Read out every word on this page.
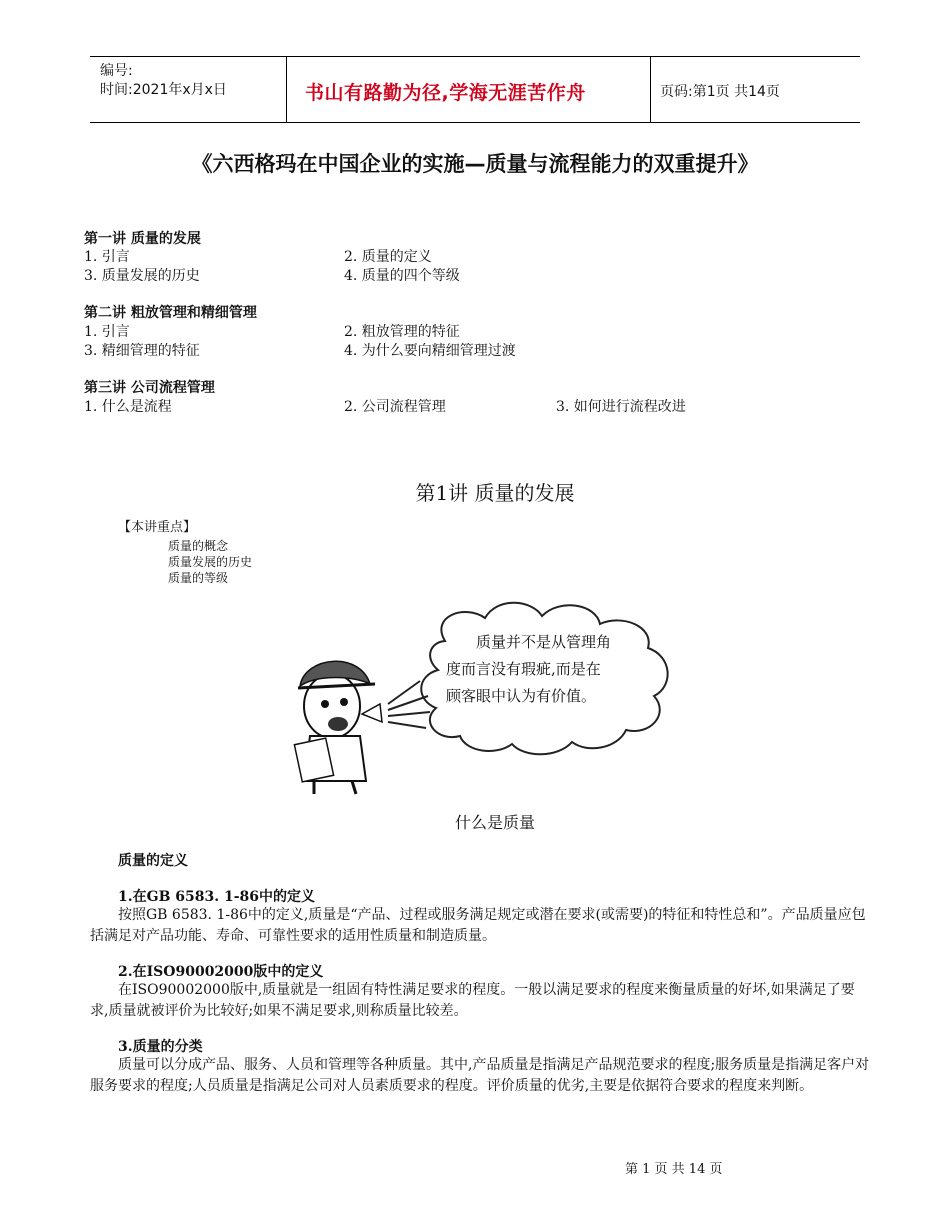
编号:
时间:2021年x月x日	书山有路勤为径,学海无涯苦作舟	页码:第1页 共14页
《六西格玛在中国企业的实施—质量与流程能力的双重提升》
第一讲 质量的发展
1. 引言	2. 质量的定义
3. 质量发展的历史	4. 质量的四个等级
第二讲 粗放管理和精细管理
1. 引言	2. 粗放管理的特征
3. 精细管理的特征	4. 为什么要向精细管理过渡
第三讲 公司流程管理
1. 什么是流程	2. 公司流程管理	3. 如何进行流程改进
第1讲 质量的发展
【本讲重点】
质量的概念
质量发展的历史
质量的等级
质量并不是从管理角
度而言没有瑕疵,而是在
顾客眼中认为有价值。
什么是质量
质量的定义
1.在GB 6583. 1-86中的定义
按照GB 6583. 1-86中的定义,质量是“产品、过程或服务满足规定或潜在要求(或需要)的特征和特性总和”。产品质量应包括满足对产品功能、寿命、可靠性要求的适用性质量和制造质量。
2.在ISO90002000版中的定义
在ISO90002000版中,质量就是一组固有特性满足要求的程度。一般以满足要求的程度来衡量质量的好坏,如果满足了要求,质量就被评价为比较好;如果不满足要求,则称质量比较差。
3.质量的分类
质量可以分成产品、服务、人员和管理等各种质量。其中,产品质量是指满足产品规范要求的程度;服务质量是指满足客户对服务要求的程度;人员质量是指满足公司对人员素质要求的程度。评价质量的优劣,主要是依据符合要求的程度来判断。
第 1 页 共 14 页
